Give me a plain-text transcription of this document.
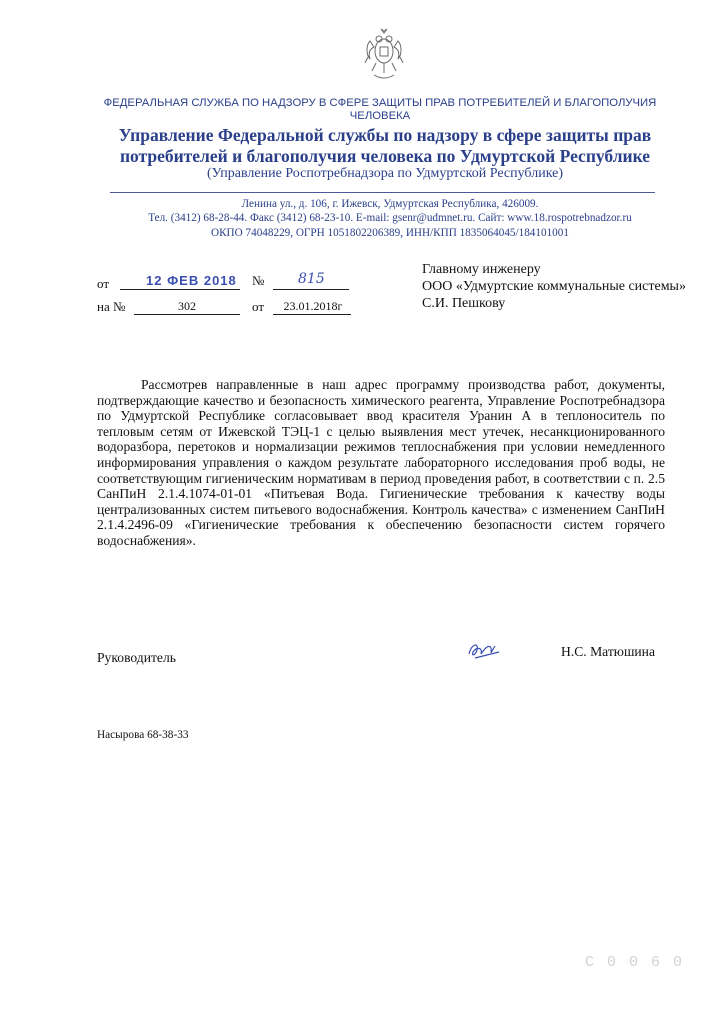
ФЕДЕРАЛЬНАЯ СЛУЖБА ПО НАДЗОРУ В СФЕРЕ ЗАЩИТЫ ПРАВ ПОТРЕБИТЕЛЕЙ И БЛАГОПОЛУЧИЯ
ЧЕЛОВЕКА
Управление Федеральной службы по надзору в сфере защиты прав
потребителей и благополучия человека по Удмуртской Республике
(Управление Роспотребнадзора по Удмуртской Республике)
Ленина ул., д. 106, г. Ижевск, Удмуртская Республика, 426009.
Тел. (3412) 68-28-44. Факс (3412) 68-23-10. E-mail: gsenr@udmnet.ru. Сайт: www.18.rospotrebnadzor.ru
ОКПО 74048229, ОГРН 1051802206389, ИНН/КПП 1835064045/184101001
от	12 ФЕВ 2018 № 815
на №	302	от	23.01.2018г
Главному инженеру
ООО «Удмуртские коммунальные системы»
С.И. Пешкову
Рассмотрев направленные в наш адрес программу производства работ, документы, подтверждающие качество и безопасность химического реагента, Управление Роспотребнадзора по Удмуртской Республике согласовывает ввод красителя Уранин А в теплоноситель по тепловым сетям от Ижевской ТЭЦ-1 с целью выявления мест утечек, несанкционированного водоразбора, перетоков и нормализации режимов теплоснабжения при условии немедленного информирования управления о каждом результате лабораторного исследования проб воды, не соответствующим гигиеническим нормативам в период проведения работ, в соответствии с п. 2.5 СанПиН 2.1.4.1074-01-01 «Питьевая Вода. Гигиенические требования к качеству воды централизованных систем питьевого водоснабжения. Контроль качества» с изменением СанПиН 2.1.4.2496-09 «Гигиенические требования к обеспечению безопасности систем горячего водоснабжения».
Руководитель	Н.С. Матюшина
Насырова 68-38-33
С 0 0 6 0
